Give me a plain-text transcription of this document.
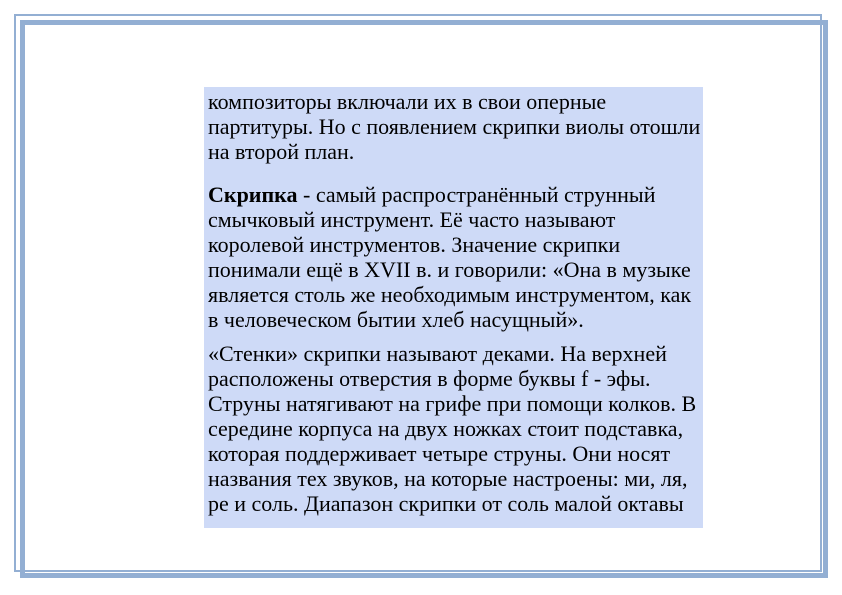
композиторы включали их в свои оперные
партитуры. Но с появлением скрипки виолы отошли
на второй план.
Скрипка - самый распространённый струнный
смычковый инструмент. Её часто называют
королевой инструментов. Значение скрипки
понимали ещё в XVII в. и говорили: «Она в музыке
является столь же необходимым инструментом, как
в человеческом бытии хлеб насущный».
«Стенки» скрипки называют деками. На верхней
расположены отверстия в форме буквы f - эфы.
Струны натягивают на грифе при помощи колков. В
середине корпуса на двух ножках стоит подставка,
которая поддерживает четыре струны. Они носят
названия тех звуков, на которые настроены: ми, ля,
ре и соль. Диапазон скрипки от соль малой октавы
